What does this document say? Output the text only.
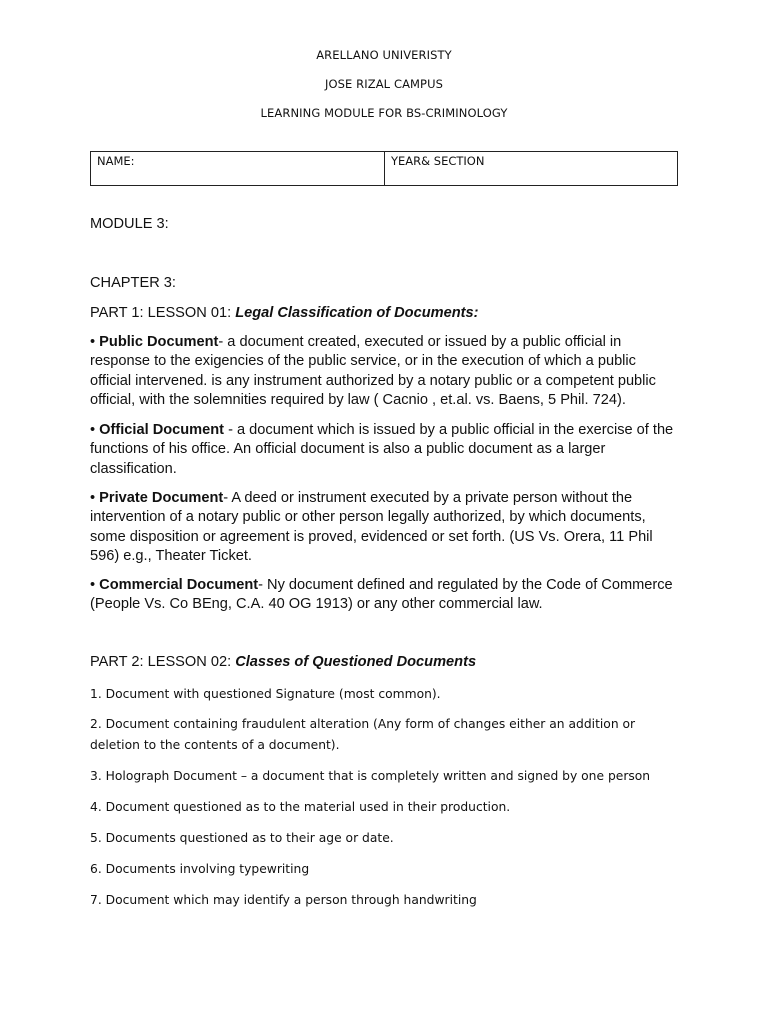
ARELLANO UNIVERISTY
JOSE RIZAL CAMPUS
LEARNING MODULE FOR BS-CRIMINOLOGY
NAME:	YEAR& SECTION
MODULE 3:
CHAPTER 3:
PART 1: LESSON 01: Legal Classification of Documents:
• Public Document- a document created, executed or issued by a public official in response to the exigencies of the public service, or in the execution of which a public official intervened. is any instrument authorized by a notary public or a competent public official, with the solemnities required by law ( Cacnio , et.al. vs. Baens, 5 Phil. 724).
• Official Document - a document which is issued by a public official in the exercise of the functions of his office. An official document is also a public document as a larger classification.
• Private Document- A deed or instrument executed by a private person without the intervention of a notary public or other person legally authorized, by which documents, some disposition or agreement is proved, evidenced or set forth. (US Vs. Orera, 11 Phil 596) e.g., Theater Ticket.
• Commercial Document- Ny document defined and regulated by the Code of Commerce (People Vs. Co BEng, C.A. 40 OG 1913) or any other commercial law.
PART 2: LESSON 02: Classes of Questioned Documents
1. Document with questioned Signature (most common).
2. Document containing fraudulent alteration (Any form of changes either an addition or deletion to the contents of a document).
3. Holograph Document – a document that is completely written and signed by one person
4. Document questioned as to the material used in their production.
5. Documents questioned as to their age or date.
6. Documents involving typewriting
7. Document which may identify a person through handwriting
